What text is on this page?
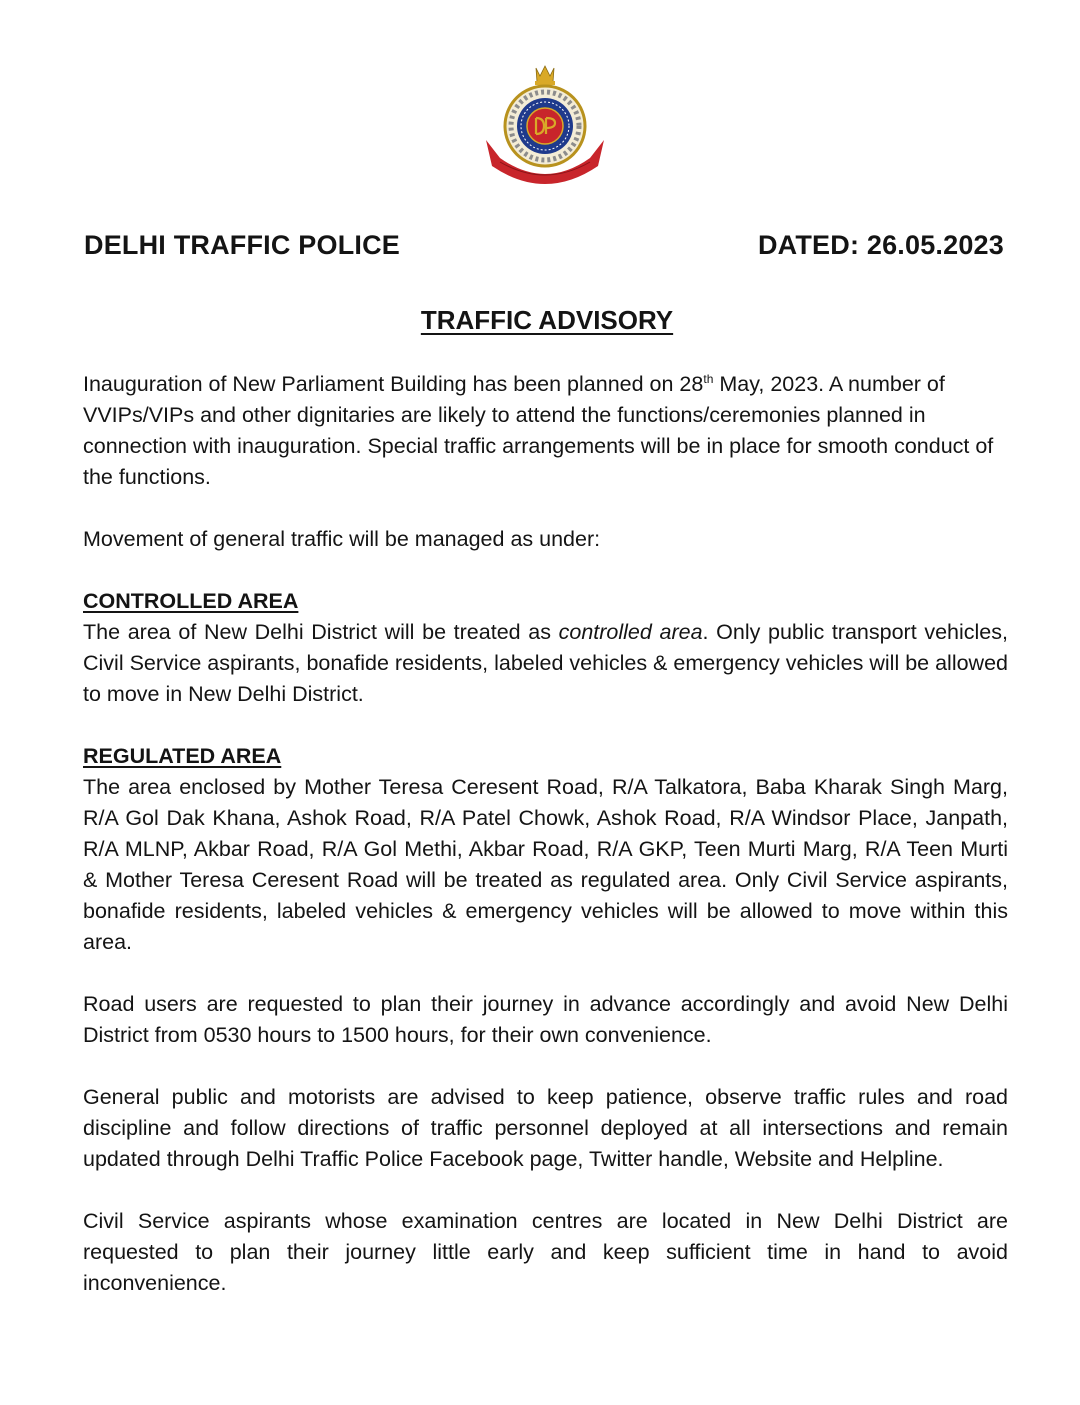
DELHI TRAFFIC POLICE	DATED: 26.05.2023
TRAFFIC ADVISORY

Inauguration of New Parliament Building has been planned on 28th May, 2023. A number of VVIPs/VIPs and other dignitaries are likely to attend the functions/ceremonies planned in connection with inauguration. Special traffic arrangements will be in place for smooth conduct of the functions.

Movement of general traffic will be managed as under:

CONTROLLED AREA

The area of New Delhi District will be treated as controlled area. Only public transport vehicles, Civil Service aspirants, bonafide residents, labeled vehicles & emergency vehicles will be allowed to move in New Delhi District.

REGULATED AREA

The area enclosed by Mother Teresa Ceresent Road, R/A Talkatora, Baba Kharak Singh Marg, R/A Gol Dak Khana, Ashok Road, R/A Patel Chowk, Ashok Road, R/A Windsor Place, Janpath, R/A MLNP, Akbar Road, R/A Gol Methi, Akbar Road, R/A GKP, Teen Murti Marg, R/A Teen Murti & Mother Teresa Ceresent Road will be treated as regulated area. Only Civil Service aspirants, bonafide residents, labeled vehicles & emergency vehicles will be allowed to move within this area.

Road users are requested to plan their journey in advance accordingly and avoid New Delhi District from 0530 hours to 1500 hours, for their own convenience.

General public and motorists are advised to keep patience, observe traffic rules and road discipline and follow directions of traffic personnel deployed at all intersections and remain updated through Delhi Traffic Police Facebook page, Twitter handle, Website and Helpline.

Civil Service aspirants whose examination centres are located in New Delhi District are requested to plan their journey little early and keep sufficient time in hand to avoid inconvenience.
